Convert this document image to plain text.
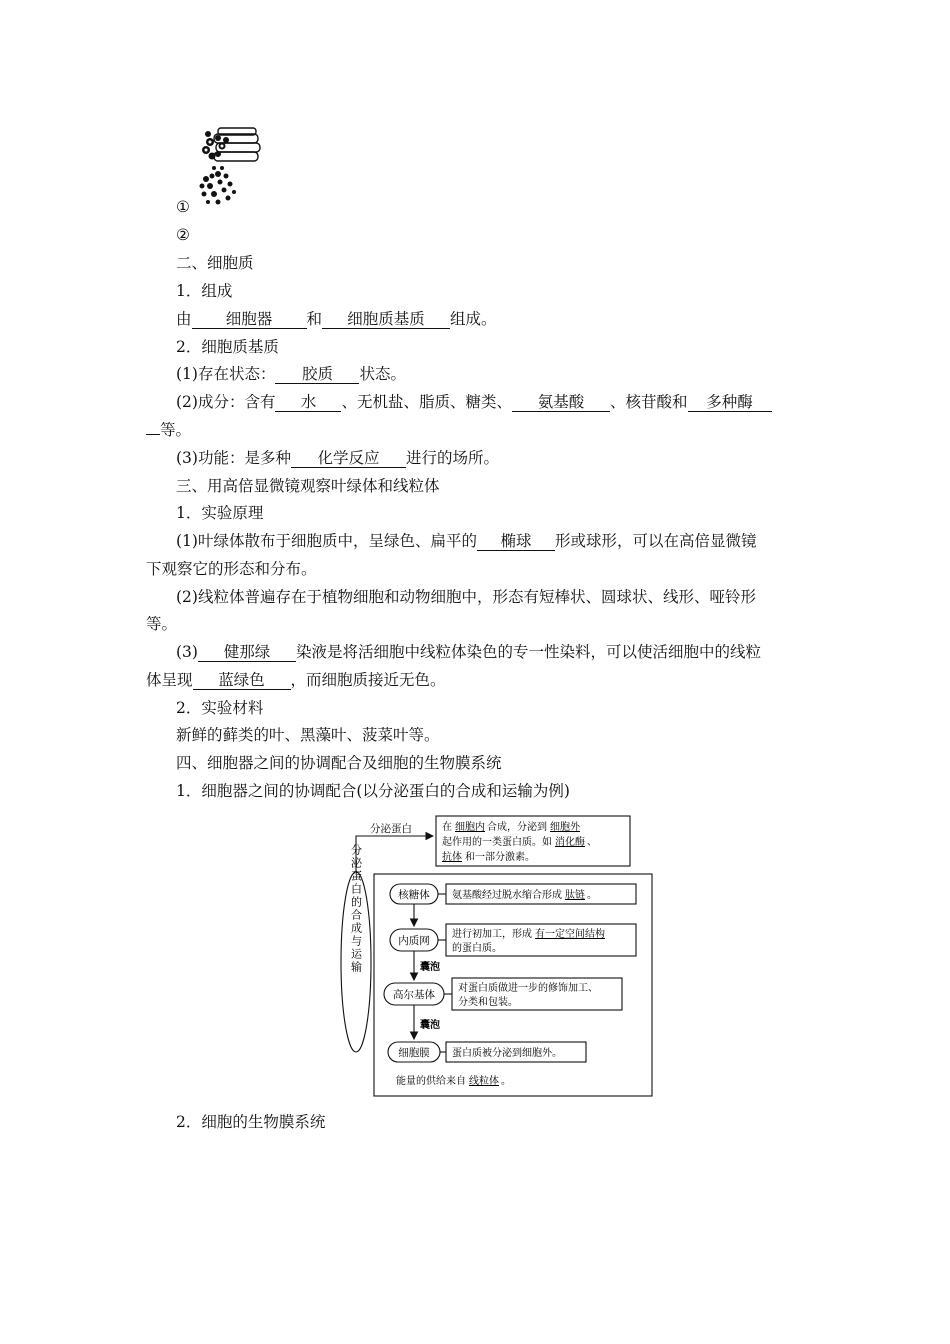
①
②
二、细胞质
1．组成
由 细胞器 和 细胞质基质 组成。
2．细胞质基质
(1)存在状态： 胶质 状态。
(2)成分：含有 水 、无机盐、脂质、糖类、 氨基酸 、核苷酸和 多种酶
等。
(3)功能：是多种 化学反应 进行的场所。
三、用高倍显微镜观察叶绿体和线粒体
1．实验原理
(1)叶绿体散布于细胞质中，呈绿色、扁平的 椭球 形或球形，可以在高倍显微镜
下观察它的形态和分布。
(2)线粒体普遍存在于植物细胞和动物细胞中，形态有短棒状、圆球状、线形、哑铃形
等。
(3) 健那绿 染液是将活细胞中线粒体染色的专一性染料，可以使活细胞中的线粒
体呈现 蓝绿色 ，而细胞质接近无色。
2．实验材料
新鲜的藓类的叶、黑藻叶、菠菜叶等。
四、细胞器之间的协调配合及细胞的生物膜系统
1．细胞器之间的协调配合(以分泌蛋白的合成和运输为例)
分泌蛋白的合成与运输
分泌蛋白	在 细胞内 合成，分泌到 细胞外
起作用的一类蛋白质。如 消化酶 、
抗体 和一部分激素。
核糖体
内质网
高尔基体
细胞膜
氨基酸经过脱水缩合形成 肽链 。
进行初加工，形成 有一定空间结构
的蛋白质。
囊泡
对蛋白质做进一步的修饰加工、
分类和包装。
囊泡
蛋白质被分泌到细胞外。
能量的供给来自 线粒体 。
2．细胞的生物膜系统
